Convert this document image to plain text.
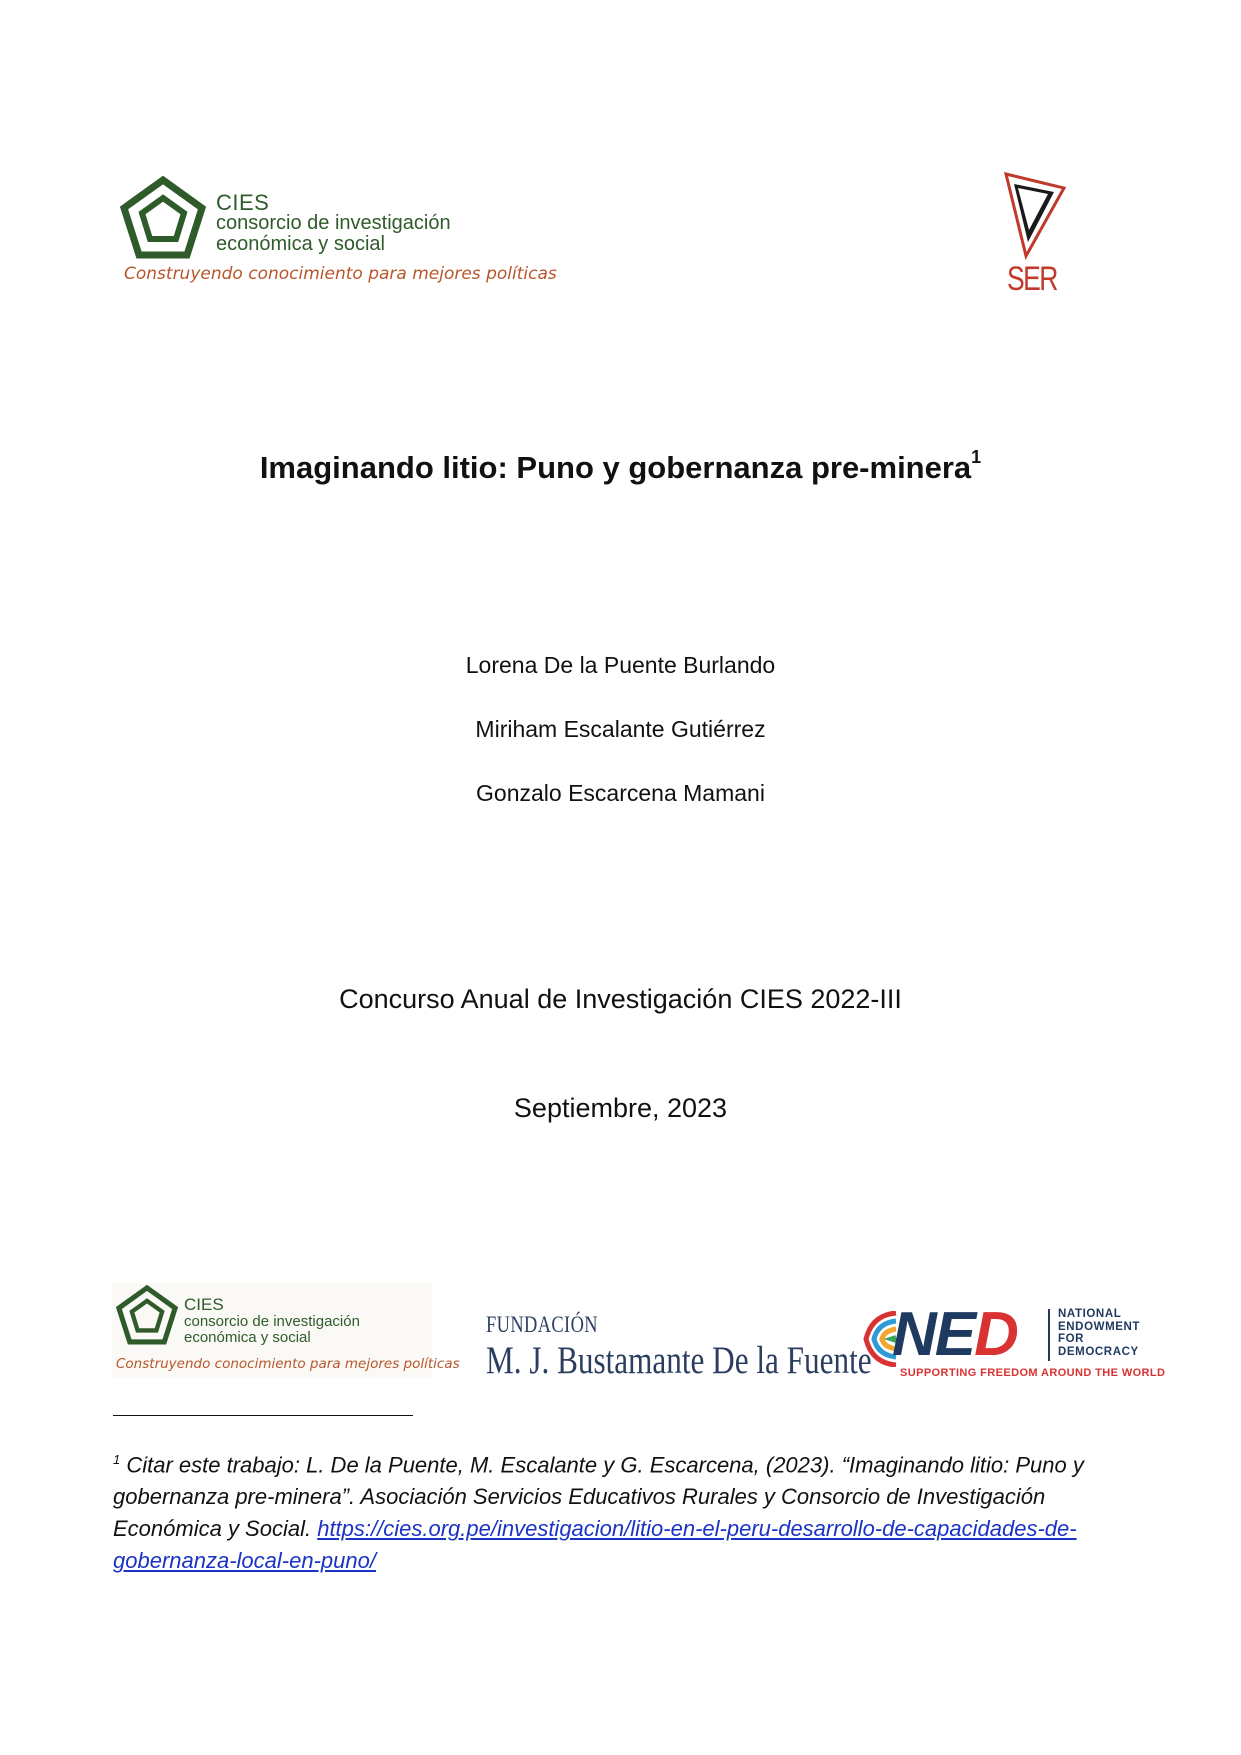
CIES
consorcio de investigación
económica y social
Construyendo conocimiento para mejores políticas	SER
Imaginando litio: Puno y gobernanza pre-minera$^1$
Lorena De la Puente Burlando
Miriham Escalante Gutiérrez
Gonzalo Escarcena Mamani
Concurso Anual de Investigación CIES 2022-III
Septiembre, 2023
CIES
consorcio de investigación
económica y social
Construyendo conocimiento para mejores políticas
FUNDACIÓN
M. J. Bustamante De la Fuente NED	NATIONAL
ENDOWMENT
FOR
DEMOCRACY
SUPPORTING FREEDOM AROUND THE WORLD
$^1$ Citar este trabajo: L. De la Puente, M. Escalante y G. Escarcena, (2023). “Imaginando litio: Puno y gobernanza pre-minera”. Asociación Servicios Educativos Rurales y Consorcio de Investigación Económica y Social. https://cies.org.pe/investigacion/litio-en-el-peru-desarrollo-de-capacidades-de-gobernanza-local-en-puno/
